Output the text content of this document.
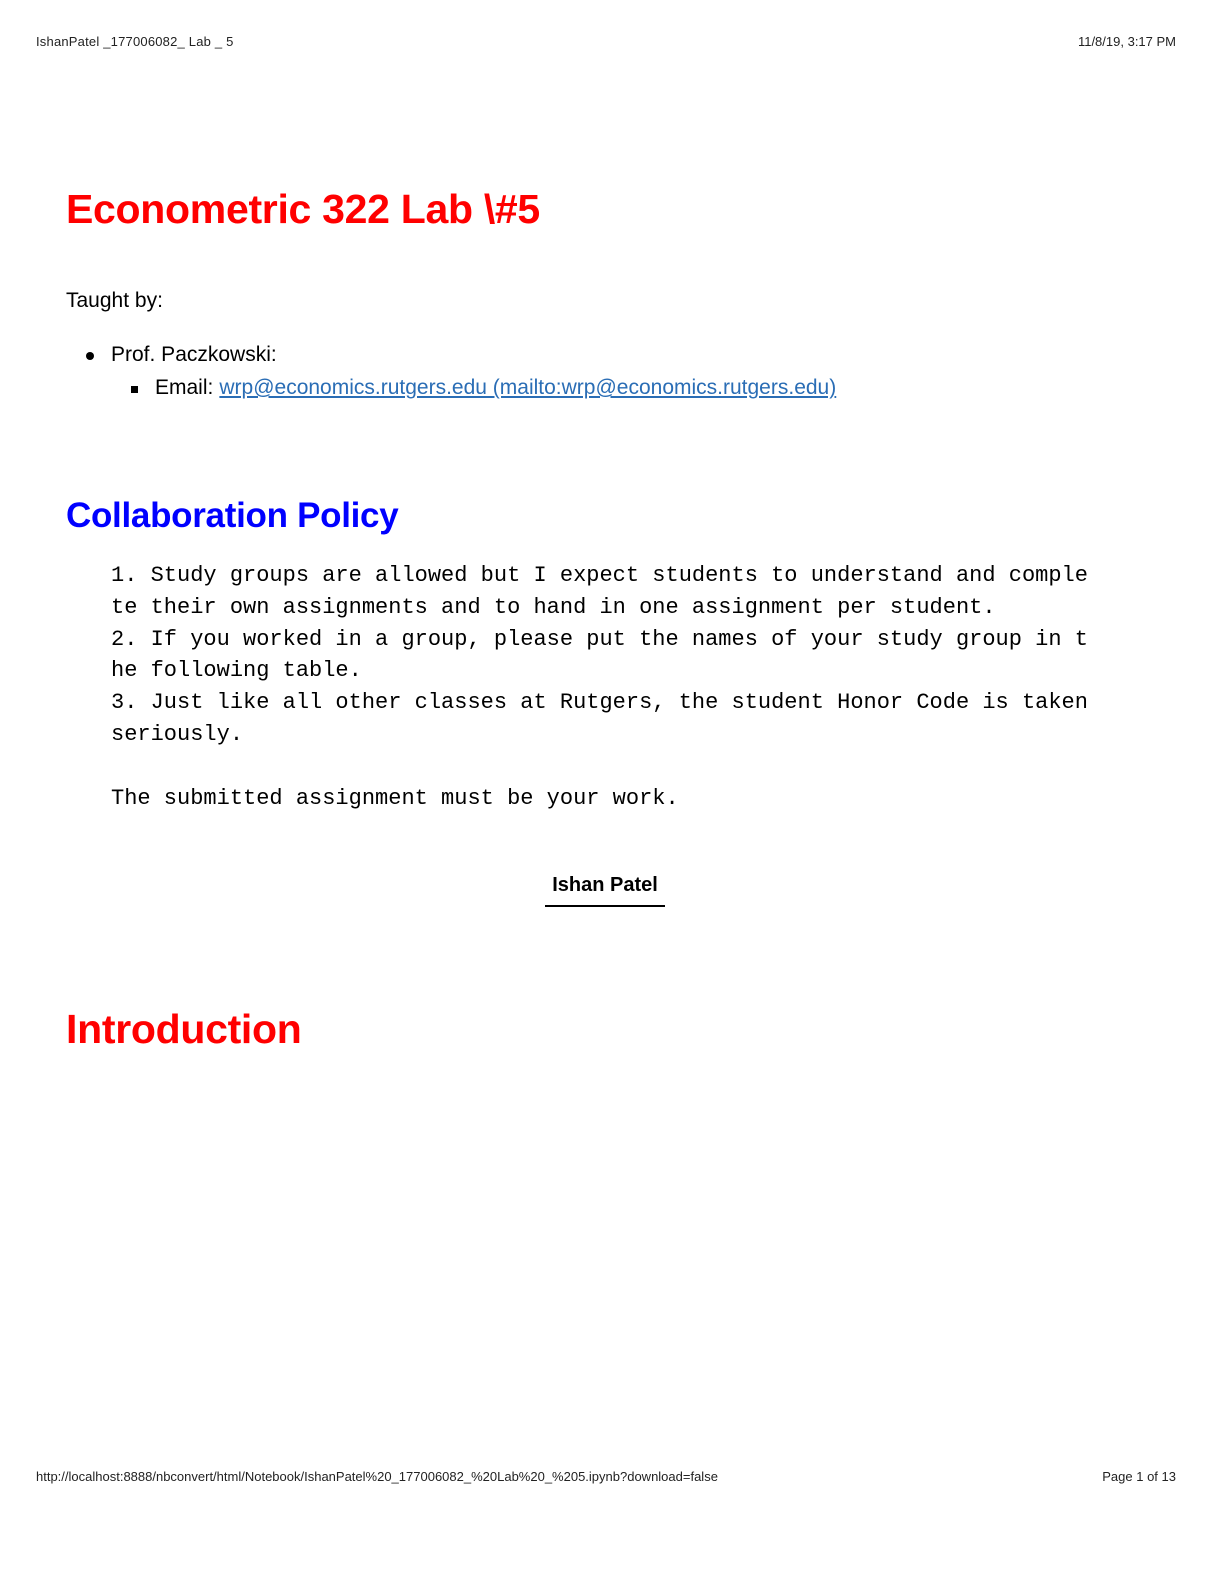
IshanPatel _177006082_ Lab _ 5	11/8/19, 3:17 PM
Econometric 322 Lab \#5

Taught by:

Prof. Paczkowski:
Email: wrp@economics.rutgers.edu (mailto:wrp@economics.rutgers.edu)
Collaboration Policy
1. Study groups are allowed but I expect students to understand and comple
te their own assignments and to hand in one assignment per student.
2. If you worked in a group, please put the names of your study group in t
he following table.
3. Just like all other classes at Rutgers, the student Honor Code is taken
seriously.

The submitted assignment must be your work.
Ishan Patel
Introduction
http://localhost:8888/nbconvert/html/Notebook/IshanPatel%20_177006082_%20Lab%20_%205.ipynb?download=false	Page 1 of 13
